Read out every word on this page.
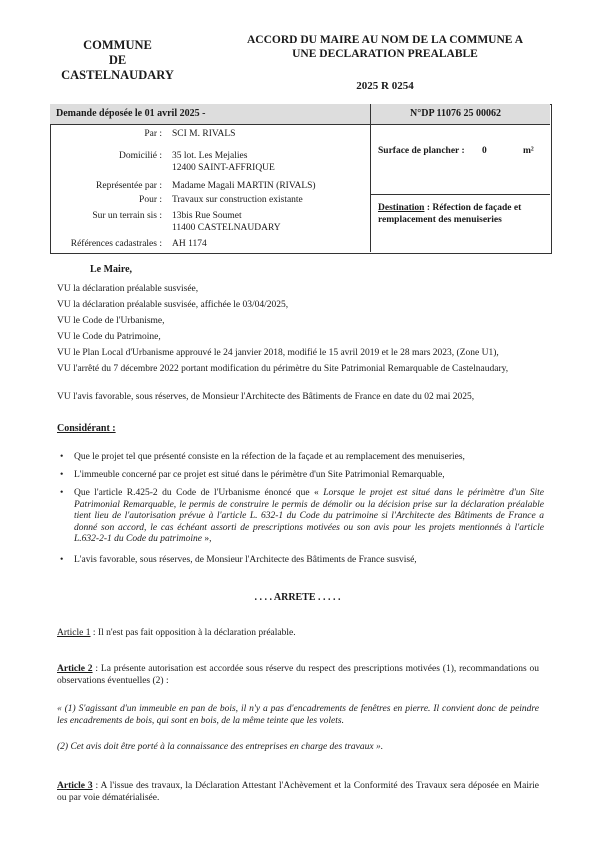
COMMUNE
DE
CASTELNAUDARY
ACCORD DU MAIRE AU NOM DE LA COMMUNE A
UNE DECLARATION PREALABLE
2025 R 0254
Demande déposée le 01 avril 2025 -	N°DP 11076 25 00062
Par : SCI M. RIVALS
Domicilié : 35 lot. Les Mejalies
12400 SAINT-AFFRIQUE
Représentée par : Madame Magali MARTIN (RIVALS)
Pour : Travaux sur construction existante
Sur un terrain sis : 13bis Rue Soumet
11400 CASTELNAUDARY
Références cadastrales : AH 1174
Surface de plancher : 0	m²
Destination : Réfection de façade et remplacement des menuiseries
Le Maire,
VU la déclaration préalable susvisée,
VU la déclaration préalable susvisée, affichée le 03/04/2025,
VU le Code de l'Urbanisme,
VU le Code du Patrimoine,
VU le Plan Local d'Urbanisme approuvé le 24 janvier 2018, modifié le 15 avril 2019 et le 28 mars 2023, (Zone U1),
VU l'arrêté du 7 décembre 2022 portant modification du périmètre du Site Patrimonial Remarquable de Castelnaudary,
VU l'avis favorable, sous réserves, de Monsieur l'Architecte des Bâtiments de France en date du 02 mai 2025,
Considérant :
• Que le projet tel que présenté consiste en la réfection de la façade et au remplacement des menuiseries,
• L'immeuble concerné par ce projet est situé dans le périmètre d'un Site Patrimonial Remarquable,
• Que l'article R.425-2 du Code de l'Urbanisme énoncé que « Lorsque le projet est situé dans le périmètre d'un Site Patrimonial Remarquable, le permis de construire le permis de démolir ou la décision prise sur la déclaration préalable tient lieu de l'autorisation prévue à l'article L. 632-1 du Code du patrimoine si l'Architecte des Bâtiments de France a donné son accord, le cas échéant assorti de prescriptions motivées ou son avis pour les projets mentionnés à l'article L.632-2-1 du Code du patrimoine »,
• L'avis favorable, sous réserves, de Monsieur l'Architecte des Bâtiments de France susvisé,
. . . . ARRETE . . . . .
Article 1 : Il n'est pas fait opposition à la déclaration préalable.
Article 2 : La présente autorisation est accordée sous réserve du respect des prescriptions motivées (1), recommandations ou observations éventuelles (2) :
« (1) S'agissant d'un immeuble en pan de bois, il n'y a pas d'encadrements de fenêtres en pierre. Il convient donc de peindre les encadrements de bois, qui sont en bois, de la même teinte que les volets.
(2) Cet avis doit être porté à la connaissance des entreprises en charge des travaux ».
Article 3 : A l'issue des travaux, la Déclaration Attestant l'Achèvement et la Conformité des Travaux sera déposée en Mairie ou par voie dématérialisée.
